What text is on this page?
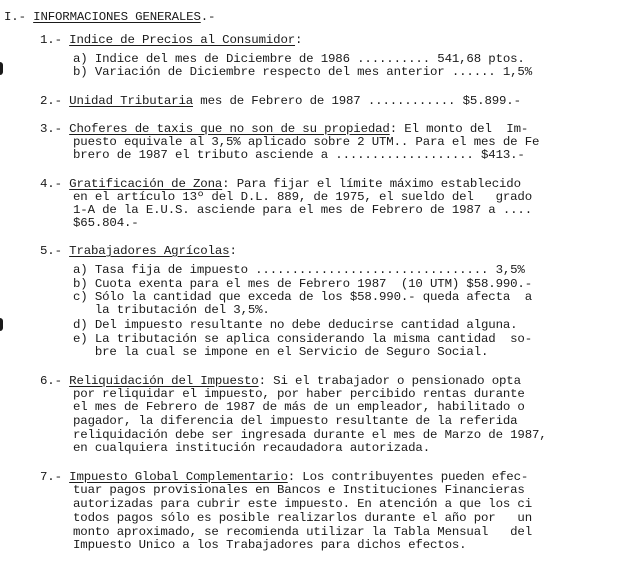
I.- INFORMACIONES GENERALES.-
1.- Indice de Precios al Consumidor:
a) Indice del mes de Diciembre de 1986 .......... 541,68 ptos.
b) Variación de Diciembre respecto del mes anterior ...... 1,5%
2.- Unidad Tributaria mes de Febrero de 1987 ............ $5.899.-
3.- Choferes de taxis que no son de su propiedad: El monto del  Im-
puesto equivale al 3,5% aplicado sobre 2 UTM.. Para el mes de Fe
brero de 1987 el tributo asciende a ................... $413.-
4.- Gratificación de Zona: Para fijar el límite máximo establecido
en el artículo 13º del D.L. 889, de 1975, el sueldo del   grado
1-A de la E.U.S. asciende para el mes de Febrero de 1987 a ....
$65.804.-
5.- Trabajadores Agrícolas:
a) Tasa fija de impuesto ................................ 3,5%
b) Cuota exenta para el mes de Febrero 1987  (10 UTM) $58.990.-
c) Sólo la cantidad que exceda de los $58.990.- queda afecta  a
la tributación del 3,5%.
d) Del impuesto resultante no debe deducirse cantidad alguna.
e) La tributación se aplica considerando la misma cantidad  so-
bre la cual se impone en el Servicio de Seguro Social.
6.- Reliquidación del Impuesto: Si el trabajador o pensionado opta
por reliquidar el impuesto, por haber percibido rentas durante
el mes de Febrero de 1987 de más de un empleador, habilitado o
pagador, la diferencia del impuesto resultante de la referida
reliquidación debe ser ingresada durante el mes de Marzo de 1987,
en cualquiera institución recaudadora autorizada.
7.- Impuesto Global Complementario: Los contribuyentes pueden efec-
tuar pagos provisionales en Bancos e Instituciones Financieras
autorizadas para cubrir este impuesto. En atención a que los ci
todos pagos sólo es posible realizarlos durante el año por   un
monto aproximado, se recomienda utilizar la Tabla Mensual   del
Impuesto Unico a los Trabajadores para dichos efectos.
